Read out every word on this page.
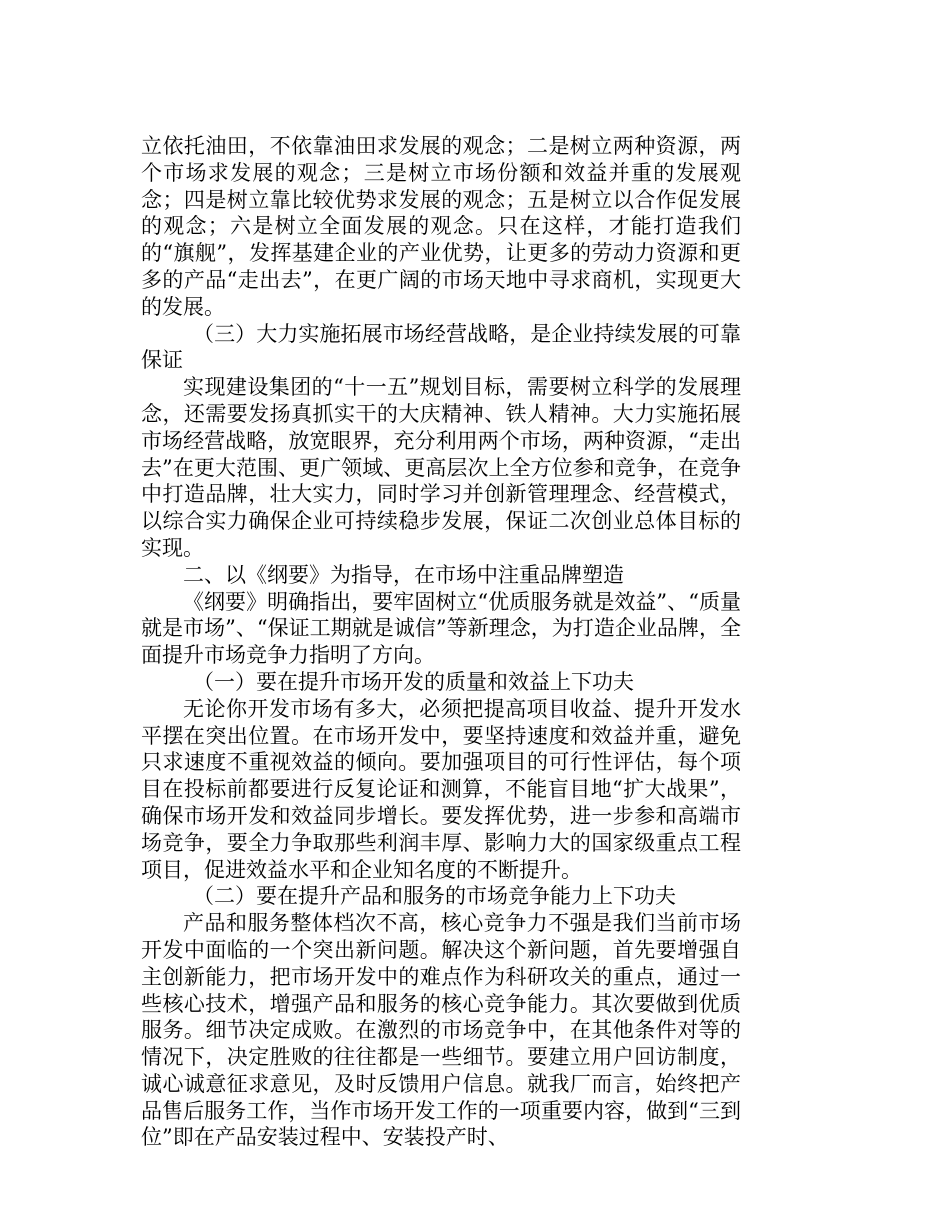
立依托油田，不依靠油田求发展的观念；二是树立两种资源，两个市场求发展的观念；三是树立市场份额和效益并重的发展观念；四是树立靠比较优势求发展的观念；五是树立以合作促发展的观念；六是树立全面发展的观念。只在这样，才能打造我们的“旗舰”，发挥基建企业的产业优势，让更多的劳动力资源和更多的产品“走出去”，在更广阔的市场天地中寻求商机，实现更大的发展。

（三）大力实施拓展市场经营战略，是企业持续发展的可靠保证

实现建设集团的“十一五”规划目标，需要树立科学的发展理念，还需要发扬真抓实干的大庆精神、铁人精神。大力实施拓展市场经营战略，放宽眼界，充分利用两个市场，两种资源，“走出去”在更大范围、更广领域、更高层次上全方位参和竞争，在竞争中打造品牌，壮大实力，同时学习并创新管理理念、经营模式，以综合实力确保企业可持续稳步发展，保证二次创业总体目标的实现。

二、以《纲要》为指导，在市场中注重品牌塑造

《纲要》明确指出，要牢固树立“优质服务就是效益”、“质量就是市场”、“保证工期就是诚信”等新理念，为打造企业品牌，全面提升市场竞争力指明了方向。

（一）要在提升市场开发的质量和效益上下功夫

无论你开发市场有多大，必须把提高项目收益、提升开发水平摆在突出位置。在市场开发中，要坚持速度和效益并重，避免只求速度不重视效益的倾向。要加强项目的可行性评估，每个项目在投标前都要进行反复论证和测算，不能盲目地“扩大战果”，确保市场开发和效益同步增长。要发挥优势，进一步参和高端市场竞争，要全力争取那些利润丰厚、影响力大的国家级重点工程项目，促进效益水平和企业知名度的不断提升。

（二）要在提升产品和服务的市场竞争能力上下功夫

产品和服务整体档次不高，核心竞争力不强是我们当前市场开发中面临的一个突出新问题。解决这个新问题，首先要增强自主创新能力，把市场开发中的难点作为科研攻关的重点，通过一些核心技术，增强产品和服务的核心竞争能力。其次要做到优质服务。细节决定成败。在激烈的市场竞争中，在其他条件对等的情况下，决定胜败的往往都是一些细节。要建立用户回访制度，诚心诚意征求意见，及时反馈用户信息。就我厂而言，始终把产品售后服务工作，当作市场开发工作的一项重要内容，做到“三到位”即在产品安装过程中、安装投产时、
